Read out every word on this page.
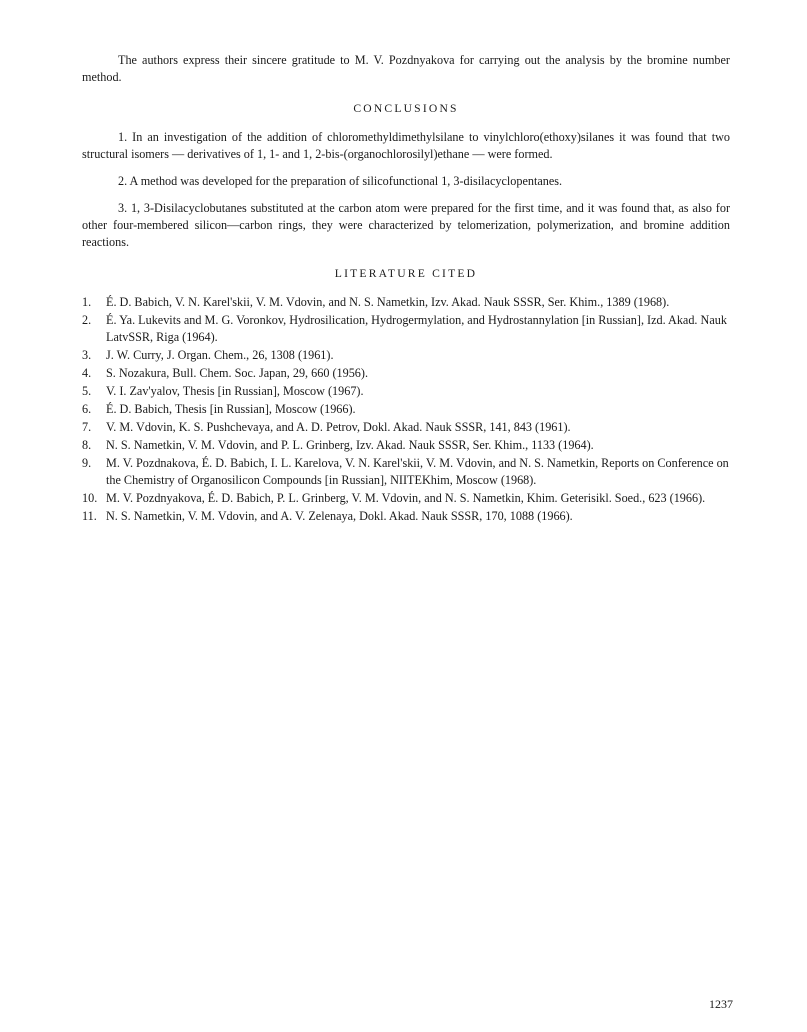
The authors express their sincere gratitude to M. V. Pozdnyakova for carrying out the analysis by the bromine number method.

CONCLUSIONS

1. In an investigation of the addition of chloromethyldimethylsilane to vinylchloro(ethoxy)silanes it was found that two structural isomers — derivatives of 1, 1- and 1, 2-bis-(organochlorosilyl)ethane — were formed.

2. A method was developed for the preparation of silicofunctional 1, 3-disilacyclopentanes.

3. 1, 3-Disilacyclobutanes substituted at the carbon atom were prepared for the first time, and it was found that, as also for other four-membered silicon—carbon rings, they were characterized by telomerization, polymerization, and bromine addition reactions.

LITERATURE CITED
1.	É. D. Babich, V. N. Karel'skii, V. M. Vdovin, and N. S. Nametkin, Izv. Akad. Nauk SSSR, Ser. Khim., 1389 (1968).
2.	É. Ya. Lukevits and M. G. Voronkov, Hydrosilication, Hydrogermylation, and Hydrostannylation [in Russian], Izd. Akad. Nauk LatvSSR, Riga (1964).
3.	J. W. Curry, J. Organ. Chem., 26, 1308 (1961).
4.	S. Nozakura, Bull. Chem. Soc. Japan, 29, 660 (1956).
5.	V. I. Zav'yalov, Thesis [in Russian], Moscow (1967).
6.	É. D. Babich, Thesis [in Russian], Moscow (1966).
7.	V. M. Vdovin, K. S. Pushchevaya, and A. D. Petrov, Dokl. Akad. Nauk SSSR, 141, 843 (1961).
8.	N. S. Nametkin, V. M. Vdovin, and P. L. Grinberg, Izv. Akad. Nauk SSSR, Ser. Khim., 1133 (1964).
9.	M. V. Pozdnakova, É. D. Babich, I. L. Karelova, V. N. Karel'skii, V. M. Vdovin, and N. S. Nametkin, Reports on Conference on the Chemistry of Organosilicon Compounds [in Russian], NIITEKhim, Moscow (1968).
10. M. V. Pozdnyakova, É. D. Babich, P. L. Grinberg, V. M. Vdovin, and N. S. Nametkin, Khim. Geterisikl. Soed., 623 (1966).
11. N. S. Nametkin, V. M. Vdovin, and A. V. Zelenaya, Dokl. Akad. Nauk SSSR, 170, 1088 (1966).
1237
